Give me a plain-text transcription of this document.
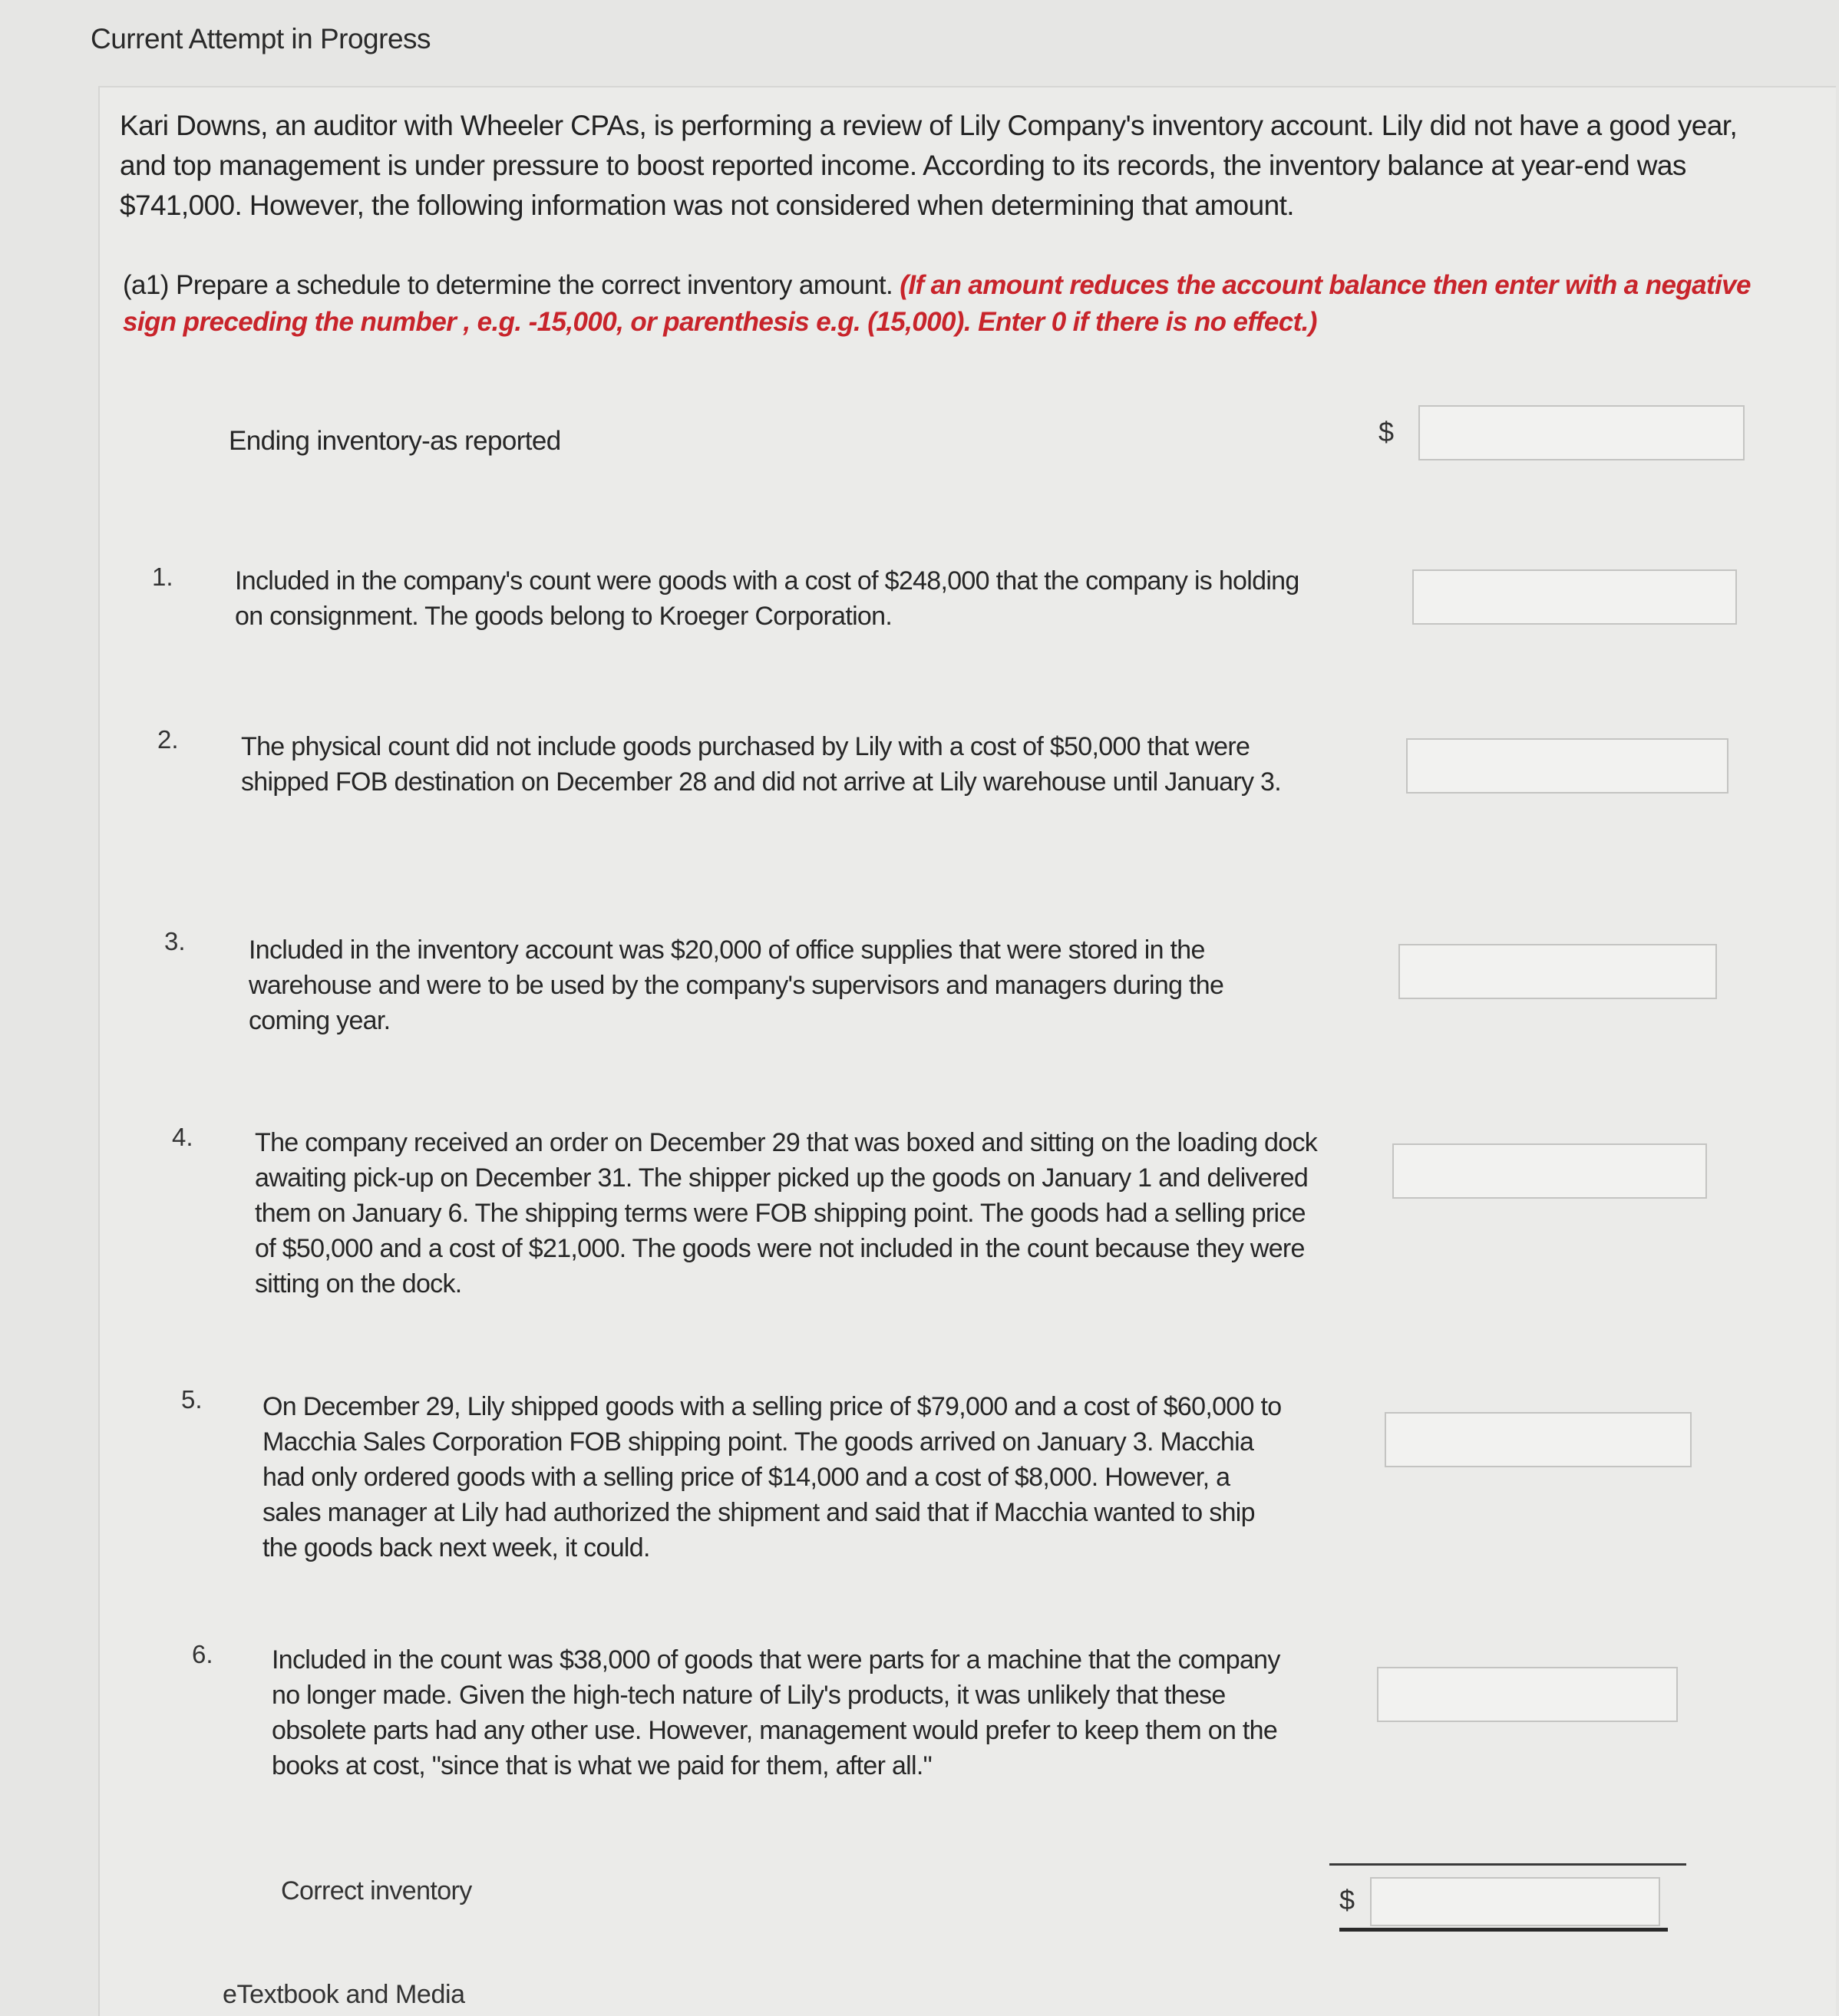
Current Attempt in Progress
Kari Downs, an auditor with Wheeler CPAs, is performing a review of Lily Company's inventory account. Lily did not have a good year, and top management is under pressure to boost reported income. According to its records, the inventory balance at year-end was $741,000. However, the following information was not considered when determining that amount.
(a1) Prepare a schedule to determine the correct inventory amount. (If an amount reduces the account balance then enter with a negative sign preceding the number , e.g. -15,000, or parenthesis e.g. (15,000). Enter 0 if there is no effect.)
Ending inventory-as reported	$
1. Included in the company's count were goods with a cost of $248,000 that the company is holding on consignment. The goods belong to Kroeger Corporation.
2. The physical count did not include goods purchased by Lily with a cost of $50,000 that were shipped FOB destination on December 28 and did not arrive at Lily warehouse until January 3.
3. Included in the inventory account was $20,000 of office supplies that were stored in the warehouse and were to be used by the company's supervisors and managers during the coming year.
4. The company received an order on December 29 that was boxed and sitting on the loading dock awaiting pick-up on December 31. The shipper picked up the goods on January 1 and delivered them on January 6. The shipping terms were FOB shipping point. The goods had a selling price of $50,000 and a cost of $21,000. The goods were not included in the count because they were sitting on the dock.
5. On December 29, Lily shipped goods with a selling price of $79,000 and a cost of $60,000 to Macchia Sales Corporation FOB shipping point. The goods arrived on January 3. Macchia had only ordered goods with a selling price of $14,000 and a cost of $8,000. However, a sales manager at Lily had authorized the shipment and said that if Macchia wanted to ship the goods back next week, it could.
6. Included in the count was $38,000 of goods that were parts for a machine that the company no longer made. Given the high-tech nature of Lily's products, it was unlikely that these obsolete parts had any other use. However, management would prefer to keep them on the books at cost, "since that is what we paid for them, after all."
Correct inventory	$
eTextbook and Media
